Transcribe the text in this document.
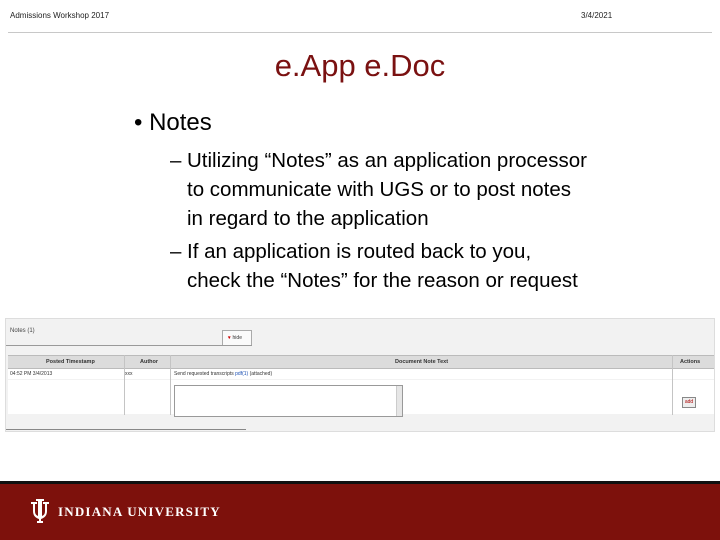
Admissions Workshop 2017	3/4/2021
e.App e.Doc
• Notes
– Utilizing “Notes” as an application processor
to communicate with UGS or to post notes
in regard to the application
– If an application is routed back to you,
check the “Notes” for the reason or request
Notes (1)
▾ hide
Posted Timestamp	Author	Document Note Text	Actions
04:52 PM 3/4/2013	xxx	Send requested transcripts pdf(1) (attached)
add
INDIANA UNIVERSITY
